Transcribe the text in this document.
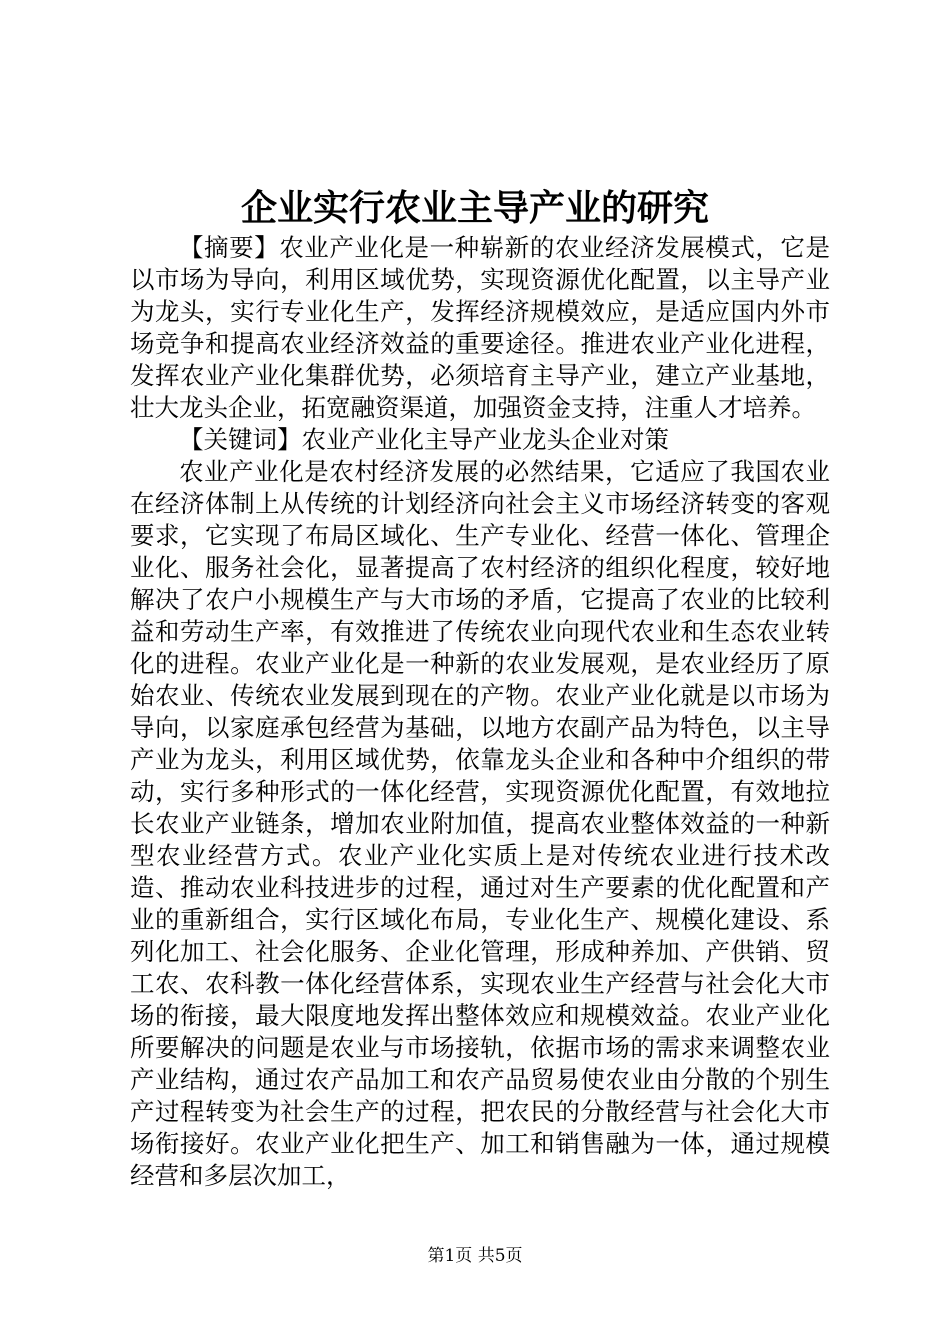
企业实行农业主导产业的研究

【摘要】农业产业化是一种崭新的农业经济发展模式，它是以市场为导向，利用区域优势，实现资源优化配置，以主导产业为龙头，实行专业化生产，发挥经济规模效应，是适应国内外市场竞争和提高农业经济效益的重要途径。推进农业产业化进程，发挥农业产业化集群优势，必须培育主导产业，建立产业基地，壮大龙头企业，拓宽融资渠道，加强资金支持，注重人才培养。

【关键词】农业产业化主导产业龙头企业对策

农业产业化是农村经济发展的必然结果，它适应了我国农业在经济体制上从传统的计划经济向社会主义市场经济转变的客观要求，它实现了布局区域化、生产专业化、经营一体化、管理企业化、服务社会化，显著提高了农村经济的组织化程度，较好地解决了农户小规模生产与大市场的矛盾，它提高了农业的比较利益和劳动生产率，有效推进了传统农业向现代农业和生态农业转化的进程。农业产业化是一种新的农业发展观，是农业经历了原始农业、传统农业发展到现在的产物。农业产业化就是以市场为导向，以家庭承包经营为基础，以地方农副产品为特色，以主导产业为龙头，利用区域优势，依靠龙头企业和各种中介组织的带动，实行多种形式的一体化经营，实现资源优化配置，有效地拉长农业产业链条，增加农业附加值，提高农业整体效益的一种新型农业经营方式。农业产业化实质上是对传统农业进行技术改造、推动农业科技进步的过程，通过对生产要素的优化配置和产业的重新组合，实行区域化布局，专业化生产、规模化建设、系列化加工、社会化服务、企业化管理，形成种养加、产供销、贸工农、农科教一体化经营体系，实现农业生产经营与社会化大市场的衔接，最大限度地发挥出整体效应和规模效益。农业产业化所要解决的问题是农业与市场接轨，依据市场的需求来调整农业产业结构，通过农产品加工和农产品贸易使农业由分散的个别生产过程转变为社会生产的过程，把农民的分散经营与社会化大市场衔接好。农业产业化把生产、加工和销售融为一体，通过规模经营和多层次加工，

第1页 共5页
